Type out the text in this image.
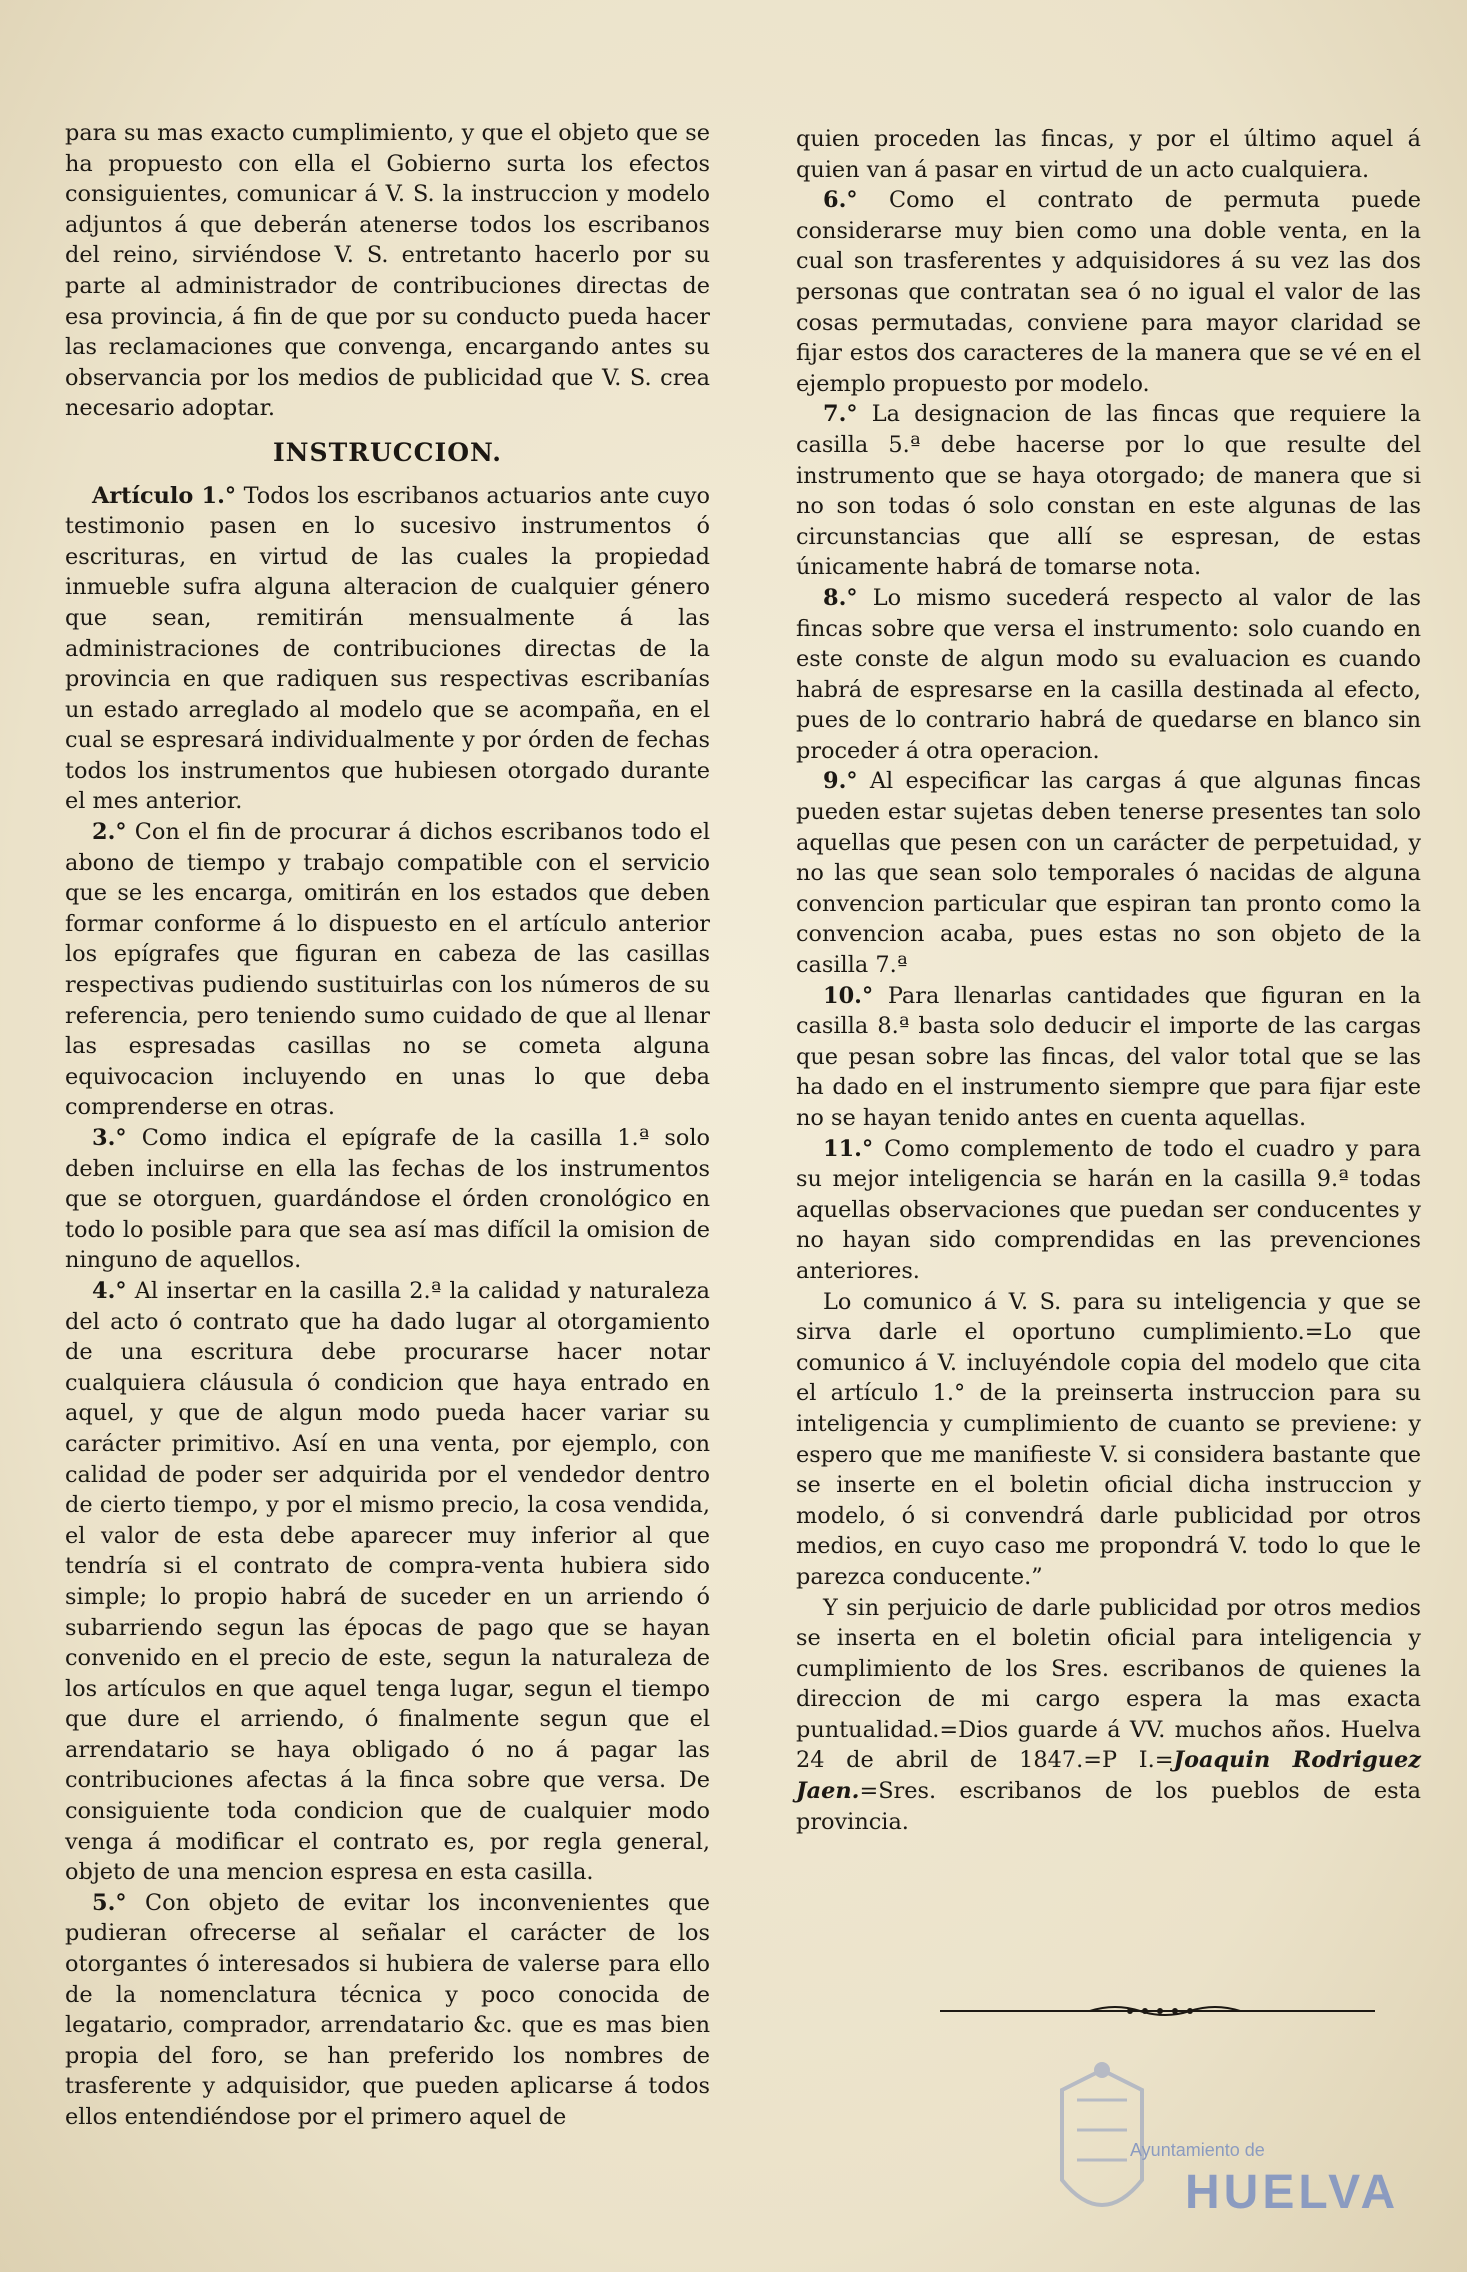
para su mas exacto cumplimiento, y que el objeto que se ha propuesto con ella el Gobierno surta los efectos consiguientes, comunicar á V. S. la instruccion y modelo adjuntos á que deberán atenerse todos los escribanos del reino, sirviéndose V. S. entretanto hacerlo por su parte al administrador de contribuciones directas de esa provincia, á fin de que por su conducto pueda hacer las reclamaciones que convenga, encargando antes su observancia por los medios de publicidad que V. S. crea necesario adoptar.

INSTRUCCION.

Artículo 1.° Todos los escribanos actuarios ante cuyo testimonio pasen en lo sucesivo instrumentos ó escrituras, en virtud de las cuales la propiedad inmueble sufra alguna alteracion de cualquier género que sean, remitirán mensualmente á las administraciones de contribuciones directas de la provincia en que radiquen sus respectivas escribanías un estado arreglado al modelo que se acompaña, en el cual se espresará individualmente y por órden de fechas todos los instrumentos que hubiesen otorgado durante el mes anterior.

2.° Con el fin de procurar á dichos escribanos todo el abono de tiempo y trabajo compatible con el servicio que se les encarga, omitirán en los estados que deben formar conforme á lo dispuesto en el artículo anterior los epígrafes que figuran en cabeza de las casillas respectivas pudiendo sustituirlas con los números de su referencia, pero teniendo sumo cuidado de que al llenar las espresadas casillas no se cometa alguna equivocacion incluyendo en unas lo que deba comprenderse en otras.

3.° Como indica el epígrafe de la casilla 1.ª solo deben incluirse en ella las fechas de los instrumentos que se otorguen, guardándose el órden cronológico en todo lo posible para que sea así mas difícil la omision de ninguno de aquellos.

4.° Al insertar en la casilla 2.ª la calidad y naturaleza del acto ó contrato que ha dado lugar al otorgamiento de una escritura debe procurarse hacer notar cualquiera cláusula ó condicion que haya entrado en aquel, y que de algun modo pueda hacer variar su carácter primitivo. Así en una venta, por ejemplo, con calidad de poder ser adquirida por el vendedor dentro de cierto tiempo, y por el mismo precio, la cosa vendida, el valor de esta debe aparecer muy inferior al que tendría si el contrato de compra-venta hubiera sido simple; lo propio habrá de suceder en un arriendo ó subarriendo segun las épocas de pago que se hayan convenido en el precio de este, segun la naturaleza de los artículos en que aquel tenga lugar, segun el tiempo que dure el arriendo, ó finalmente segun que el arrendatario se haya obligado ó no á pagar las contribuciones afectas á la finca sobre que versa. De consiguiente toda condicion que de cualquier modo venga á modificar el contrato es, por regla general, objeto de una mencion espresa en esta casilla.

5.° Con objeto de evitar los inconvenientes que pudieran ofrecerse al señalar el carácter de los otorgantes ó interesados si hubiera de valerse para ello de la nomenclatura técnica y poco conocida de legatario, comprador, arrendatario &c. que es mas bien propia del foro, se han preferido los nombres de trasferente y adquisidor, que pueden aplicarse á todos ellos entendiéndose por el primero aquel de

quien proceden las fincas, y por el último aquel á quien van á pasar en virtud de un acto cualquiera.

6.° Como el contrato de permuta puede considerarse muy bien como una doble venta, en la cual son trasferentes y adquisidores á su vez las dos personas que contratan sea ó no igual el valor de las cosas permutadas, conviene para mayor claridad se fijar estos dos caracteres de la manera que se vé en el ejemplo propuesto por modelo.

7.° La designacion de las fincas que requiere la casilla 5.ª debe hacerse por lo que resulte del instrumento que se haya otorgado; de manera que si no son todas ó solo constan en este algunas de las circunstancias que allí se espresan, de estas únicamente habrá de tomarse nota.

8.° Lo mismo sucederá respecto al valor de las fincas sobre que versa el instrumento: solo cuando en este conste de algun modo su evaluacion es cuando habrá de espresarse en la casilla destinada al efecto, pues de lo contrario habrá de quedarse en blanco sin proceder á otra operacion.

9.° Al especificar las cargas á que algunas fincas pueden estar sujetas deben tenerse presentes tan solo aquellas que pesen con un carácter de perpetuidad, y no las que sean solo temporales ó nacidas de alguna convencion particular que espiran tan pronto como la convencion acaba, pues estas no son objeto de la casilla 7.ª

10.° Para llenarlas cantidades que figuran en la casilla 8.ª basta solo deducir el importe de las cargas que pesan sobre las fincas, del valor total que se las ha dado en el instrumento siempre que para fijar este no se hayan tenido antes en cuenta aquellas.

11.° Como complemento de todo el cuadro y para su mejor inteligencia se harán en la casilla 9.ª todas aquellas observaciones que puedan ser conducentes y no hayan sido comprendidas en las prevenciones anteriores.

Lo comunico á V. S. para su inteligencia y que se sirva darle el oportuno cumplimiento.=Lo que comunico á V. incluyéndole copia del modelo que cita el artículo 1.° de la preinserta instruccion para su inteligencia y cumplimiento de cuanto se previene: y espero que me manifieste V. si considera bastante que se inserte en el boletin oficial dicha instruccion y modelo, ó si convendrá darle publicidad por otros medios, en cuyo caso me propondrá V. todo lo que le parezca conducente.”

Y sin perjuicio de darle publicidad por otros medios se inserta en el boletin oficial para inteligencia y cumplimiento de los Sres. escribanos de quienes la direccion de mi cargo espera la mas exacta puntualidad.=Dios guarde á VV. muchos años. Huelva 24 de abril de 1847.=P I.=Joaquin Rodriguez Jaen.=Sres. escribanos de los pueblos de esta provincia.

Ayuntamiento de
HUELVA
